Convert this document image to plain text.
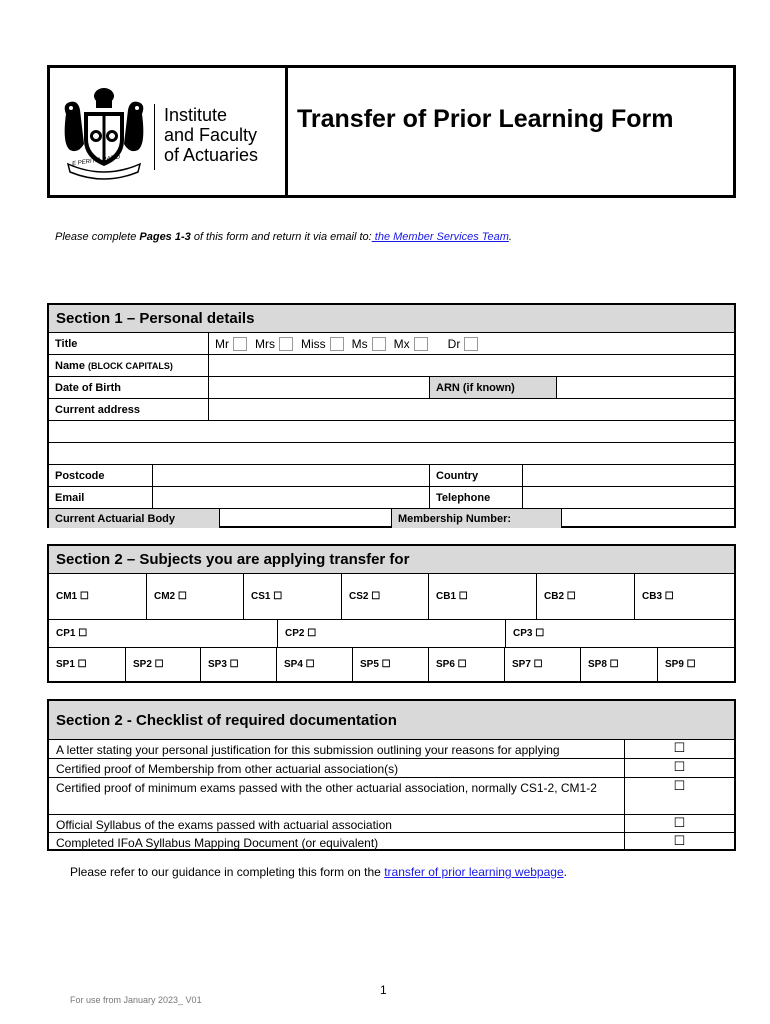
E PERITIA RATIO
Institute
and Faculty
of Actuaries
Transfer of Prior Learning Form
Please complete Pages 1-3 of this form and return it via email to: the Member Services Team.
Section 1 – Personal details
Title	Mr Mrs Miss Ms Mx	Dr
Name
(BLOCK CAPITALS)
Date of Birth	ARN (if known)
Current address
Postcode	Country
Email	Telephone
Current Actuarial Body	Membership Number:
Section 2 – Subjects you are applying transfer for
CM1 ☐	CM2 ☐	CS1 ☐	CS2 ☐	CB1 ☐	CB2 ☐	CB3 ☐
CP1 ☐	CP2 ☐	CP3 ☐
SP1 ☐	SP2 ☐	SP3 ☐	SP4 ☐	SP5 ☐	SP6 ☐	SP7 ☐	SP8 ☐	SP9 ☐
Section 2 - Checklist of required documentation
A letter stating your personal justification for this submission outlining your reasons for applying	☐
Certified proof of Membership from other actuarial association(s)	☐
Certified proof of minimum exams passed with the other actuarial association, normally CS1-2, CM1-2	☐
Official Syllabus of the exams passed with actuarial association	☐
Completed IFoA Syllabus Mapping Document (or equivalent)	☐
Please refer to our guidance in completing this form on the transfer of prior learning webpage.
1
For use from January 2023_ V01
